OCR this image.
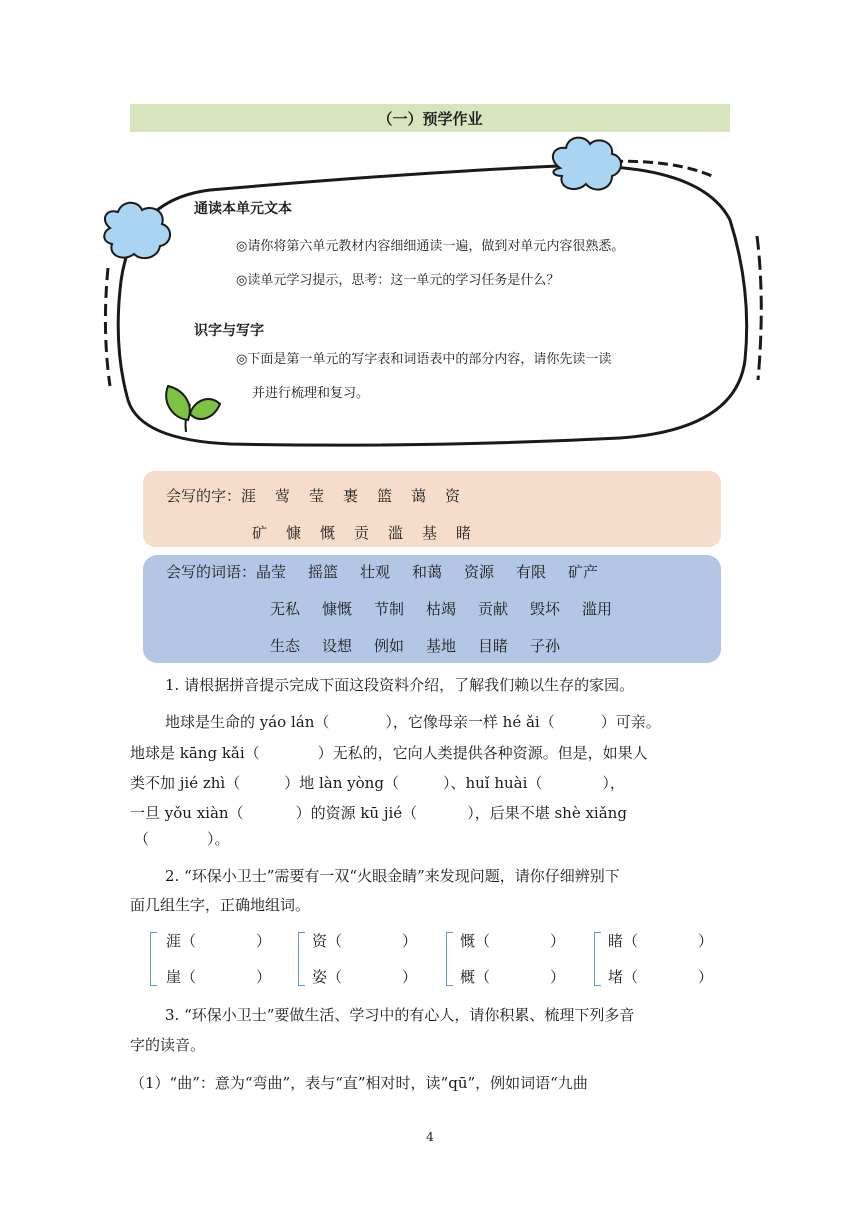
（一）预学作业
通读本单元文本
◎请你将第六单元教材内容细细通读一遍，做到对单元内容很熟悉。
◎读单元学习提示，思考：这一单元的学习任务是什么？
识字与写字
◎下面是第一单元的写字表和词语表中的部分内容，请你先读一读
并进行梳理和复习。
会写的字：涯 莺 莹 裹 篮 蔼 资
矿 慷 慨 贡 滥 基 睹
会写的词语：晶莹 摇篮 壮观 和蔼 资源 有限 矿产
无私 慷慨 节制 枯竭 贡献 毁坏 滥用
生态 设想 例如 基地 目睹 子孙
1. 请根据拼音提示完成下面这段资料介绍，了解我们赖以生存的家园。
地球是生命的 yáo lán（	），它像母亲一样 hé ǎi（	）可亲。
地球是 kāng kǎi（	）无私的，它向人类提供各种资源。但是，如果人
类不加 jié zhì（	）地 làn yòng（	）、huǐ huài（	），
一旦 yǒu xiàn（	）的资源 kū jié（	），后果不堪 shè xiǎng
（	）。
2. “环保小卫士”需要有一双“火眼金睛”来发现问题，请你仔细辨别下
面几组生字，正确地组词。
涯（	）
崖（	）
资（	）
姿（	）
慨（	）
概（	）
睹（	）
堵（	）
3. “环保小卫士”要做生活、学习中的有心人，请你积累、梳理下列多音
字的读音。
（1）“曲”：意为“弯曲”，表与“直”相对时，读“qū”，例如词语“九曲
4
